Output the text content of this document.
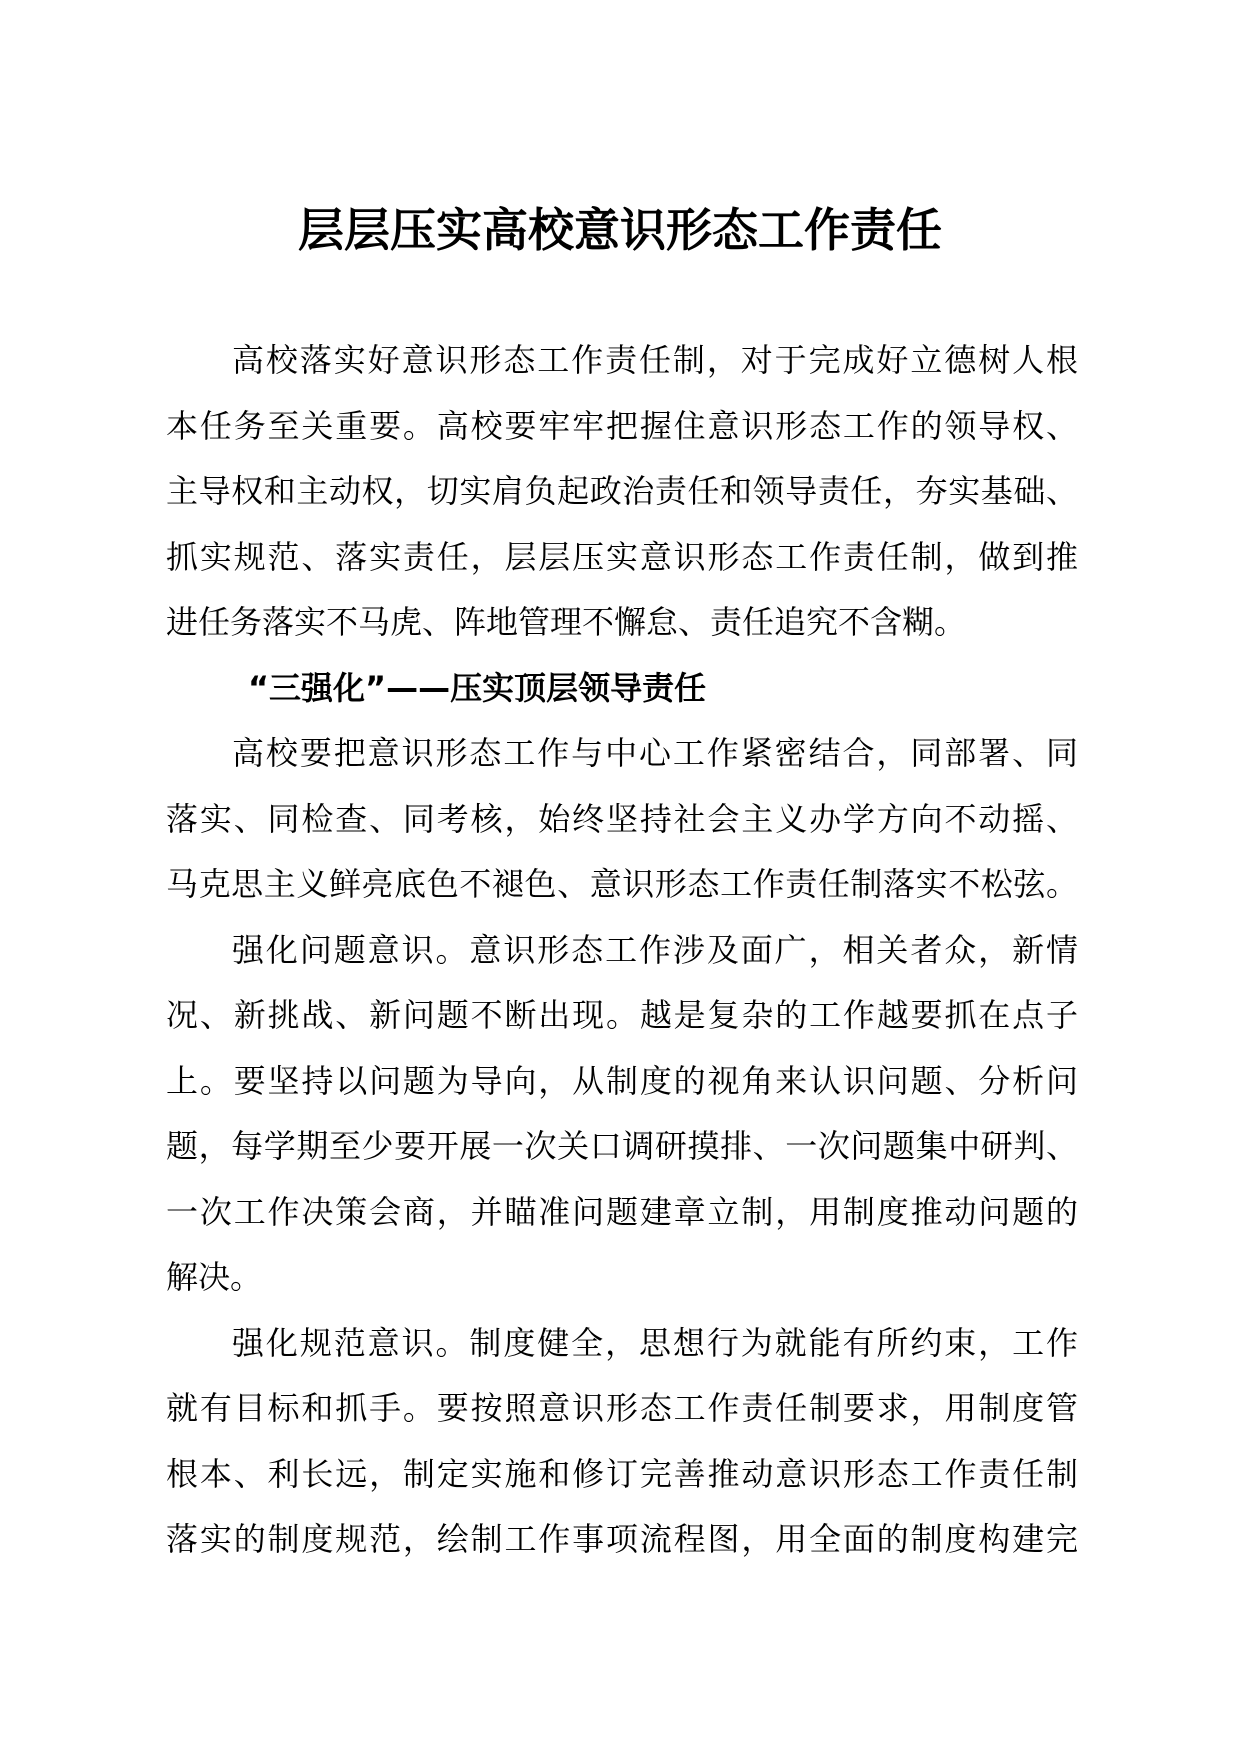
层层压实高校意识形态工作责任
高校落实好意识形态工作责任制，对于完成好立德树人根
本任务至关重要。高校要牢牢把握住意识形态工作的领导权、
主导权和主动权，切实肩负起政治责任和领导责任，夯实基础、
抓实规范、落实责任，层层压实意识形态工作责任制，做到推
进任务落实不马虎、阵地管理不懈怠、责任追究不含糊。
“三强化”——压实顶层领导责任
高校要把意识形态工作与中心工作紧密结合，同部署、同
落实、同检查、同考核，始终坚持社会主义办学方向不动摇、
马克思主义鲜亮底色不褪色、意识形态工作责任制落实不松弦。
强化问题意识。意识形态工作涉及面广，相关者众，新情
况、新挑战、新问题不断出现。越是复杂的工作越要抓在点子
上。要坚持以问题为导向，从制度的视角来认识问题、分析问
题，每学期至少要开展一次关口调研摸排、一次问题集中研判、
一次工作决策会商，并瞄准问题建章立制，用制度推动问题的
解决。
强化规范意识。制度健全，思想行为就能有所约束，工作
就有目标和抓手。要按照意识形态工作责任制要求，用制度管
根本、利长远，制定实施和修订完善推动意识形态工作责任制
落实的制度规范，绘制工作事项流程图，用全面的制度构建完
